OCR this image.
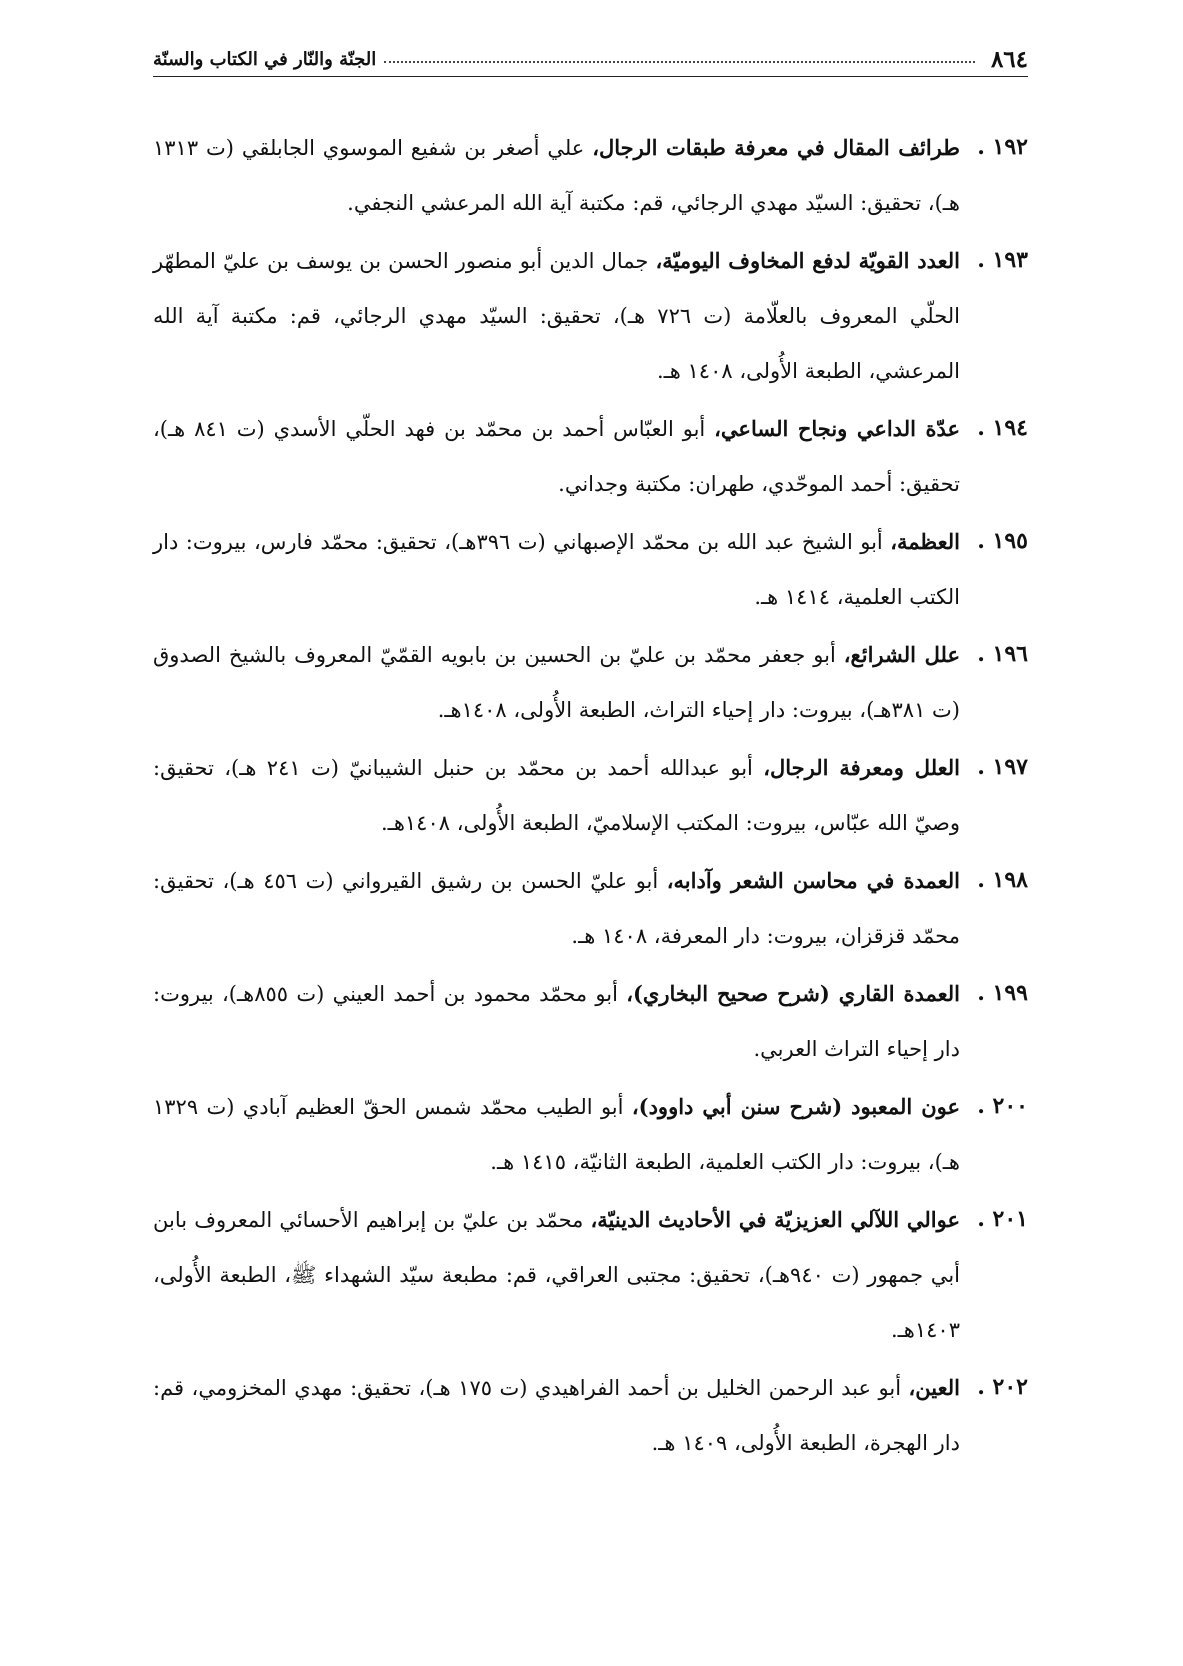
٨٦٤
الجنّة والنّار في الكتاب والسنّة
١٩٢ .
طرائف المقال في معرفة طبقات الرجال، علي أصغر بن شفيع الموسوي الجابلقي (ت ١٣١٣ هـ)، تحقيق: السيّد مهدي الرجائي، قم: مكتبة آية الله المرعشي النجفي.
١٩٣ .
العدد القويّة لدفع المخاوف اليوميّة، جمال الدين أبو منصور الحسن بن يوسف بن عليّ المطهّر الحلّي المعروف بالعلّامة (ت ٧٢٦ هـ)، تحقيق: السيّد مهدي الرجائي، قم: مكتبة آية الله المرعشي، الطبعة الأُولى، ١٤٠٨ هـ.
١٩٤ .
عدّة الداعي ونجاح الساعي، أبو العبّاس أحمد بن محمّد بن فهد الحلّي الأسدي (ت ٨٤١ هـ)، تحقيق: أحمد الموحّدي، طهران: مكتبة وجداني.
١٩٥ .
العظمة، أبو الشيخ عبد الله بن محمّد الإصبهاني (ت ٣٩٦هـ)، تحقيق: محمّد فارس، بيروت: دار الكتب العلمية، ١٤١٤ هـ.
١٩٦ .
علل الشرائع، أبو جعفر محمّد بن عليّ بن الحسين بن بابويه القمّيّ المعروف بالشيخ الصدوق (ت ٣٨١هـ)، بيروت: دار إحياء التراث، الطبعة الأُولى، ١٤٠٨هـ.
١٩٧ .
العلل ومعرفة الرجال، أبو عبدالله أحمد بن محمّد بن حنبل الشيبانيّ (ت ٢٤١ هـ)، تحقيق: وصيّ الله عبّاس، بيروت: المكتب الإسلاميّ، الطبعة الأُولى، ١٤٠٨هـ.
١٩٨ .
العمدة في محاسن الشعر وآدابه، أبو عليّ الحسن بن رشيق القيرواني (ت ٤٥٦ هـ)، تحقيق: محمّد قزقزان، بيروت: دار المعرفة، ١٤٠٨ هـ.
١٩٩ .
العمدة القاري (شرح صحيح البخاري)، أبو محمّد محمود بن أحمد العيني (ت ٨٥٥هـ)، بيروت: دار إحياء التراث العربي.
٢٠٠ .
عون المعبود (شرح سنن أبي داوود)، أبو الطيب محمّد شمس الحقّ العظيم آبادي (ت ١٣٢٩ هـ)، بيروت: دار الكتب العلمية، الطبعة الثانيّة، ١٤١٥ هـ.
٢٠١ .
عوالي اللآلي العزيزيّة في الأحاديث الدينيّة، محمّد بن عليّ بن إبراهيم الأحسائي المعروف بابن أبي جمهور (ت ٩٤٠هـ)، تحقيق: مجتبى العراقي، قم: مطبعة سيّد الشهداء ﷺ، الطبعة الأُولى، ١٤٠٣هـ.
٢٠٢ .
العين، أبو عبد الرحمن الخليل بن أحمد الفراهيدي (ت ١٧٥ هـ)، تحقيق: مهدي المخزومي، قم: دار الهجرة، الطبعة الأُولى، ١٤٠٩ هـ.
